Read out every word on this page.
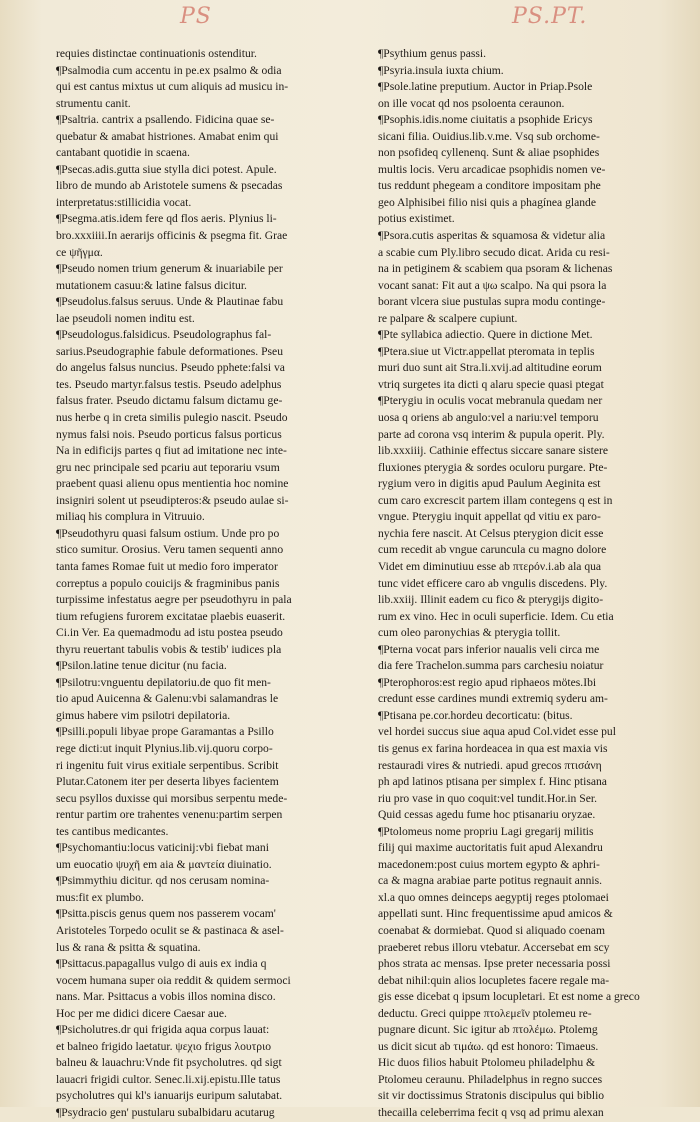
PS	PS.PT.
requies distinctae continuationis ostenditur.
¶Psalmodia cum accentu in pe.ex psalmo & odia
qui est cantus mixtus ut cum aliquis ad musicu in-
strumentu canit.
¶Psaltria. cantrix a psallendo. Fidicina quae se-
quebatur & amabat histriones. Amabat enim qui
cantabant quotidie in scaena.
¶Psecas.adis.gutta siue stylla dici potest. Apule.
libro de mundo ab Aristotele sumens & psecadas
interpretatus:stillicidia vocat.
¶Psegma.atis.idem fere qd flos aeris. Plynius li-
bro.xxxiiii.In aerarijs officinis & psegma fit. Grae
ce ψῆγμα.
¶Pseudo nomen trium generum & inuariabile per
mutationem casuu:& latine falsus dicitur.
¶Pseudolus.falsus seruus. Unde & Plautinae fabu
lae pseudoli nomen inditu est.
¶Pseudologus.falsidicus. Pseudolographus fal-
sarius.Pseudographie fabule deformationes. Pseu
do angelus falsus nuncius. Pseudo pphete:falsi va
tes. Pseudo martyr.falsus testis. Pseudo adelphus
falsus frater. Pseudo dictamu falsum dictamu ge-
nus herbe q in creta similis pulegio nascit. Pseudo
nymus falsi nois. Pseudo porticus falsus porticus
Na in edificijs partes q fiut ad imitatione nec inte-
gru nec principale sed pcariu aut teporariu vsum
praebent quasi alienu opus mentientia hoc nomine
insigniri solent ut pseudipteros:& pseudo aulae si-
miliaq his complura in Vitruuio.
¶Pseudothyru quasi falsum ostium. Unde pro po
stico sumitur. Orosius. Veru tamen sequenti anno
tanta fames Romae fuit ut medio foro imperator
correptus a populo couicijs & fragminibus panis
turpissime infestatus aegre per pseudothyru in pala
tium refugiens furorem excitatae plaebis euaserit.
Ci.in Ver. Ea quemadmodu ad istu postea pseudo
thyru reuertant tabulis vobis & testib' iudices pla
¶Psilon.latine tenue dicitur (nu facia.
¶Psilotru:vnguentu depilatoriu.de quo fit men-
tio apud Auicenna & Galenu:vbi salamandras le
gimus habere vim psilotri depilatoria.
¶Psilli.populi libyae prope Garamantas a Psillo
rege dicti:ut inquit Plynius.lib.vij.quoru corpo-
ri ingenitu fuit virus exitiale serpentibus. Scribit
Plutar.Catonem iter per deserta libyes facientem
secu psyllos duxisse qui morsibus serpentu mede-
rentur partim ore trahentes venenu:partim serpen
tes cantibus medicantes.
¶Psychomantiu:locus vaticinij:vbi fiebat mani
um euocatio ψυχῆ em aia & μαντεία diuinatio.
¶Psimmythiu dicitur. qd nos cerusam nomina-
mus:fit ex plumbo.
¶Psitta.piscis genus quem nos passerem vocam'
Aristoteles Torpedo oculit se & pastinaca & asel-
lus & rana & psitta & squatina.
¶Psittacus.papagallus vulgo di auis ex india q
vocem humana super oia reddit & quidem sermoci
nans. Mar. Psittacus a vobis illos nomina disco.
Hoc per me didici dicere Caesar aue.
¶Psicholutres.dr qui frigida aqua corpus lauat:
et balneo frigido laetatur. ψεχιο frigus λουτριο
balneu & lauachru:Vnde fit psycholutres. qd sigt
lauacri frigidi cultor. Senec.li.xij.epistu.Ille tatus
psycholutres qui kl's ianuarijs euripum salutabat.
¶Psydracio gen' pustularu subalbidaru acutarug
¶Psythium genus passi.
¶Psyria.insula iuxta chium.
¶Psole.latine preputium. Auctor in Priap.Psole
on ille vocat qd nos psoloenta ceraunon.
¶Psophis.idis.nome ciuitatis a psophide Ericys
sicani filia. Ouidius.lib.v.me. Vsq sub orchome-
non psofideq cyllenenq. Sunt & aliae psophides
multis locis. Veru arcadicae psophidis nomen ve-
tus reddunt phegeam a conditore impositam phe
geo Alphisibei filio nisi quis a phagínea glande
potius existimet.
¶Psora.cutis asperitas & squamosa & videtur alia
a scabie cum Ply.libro secudo dicat. Arida cu resi-
na in petiginem & scabiem qua psoram & lichenas
vocant sanat: Fit aut a ψω scalpo. Na qui psora la
borant vlcera siue pustulas supra modu continge-
re palpare & scalpere cupiunt.
¶Pte syllabica adiectio. Quere in dictione Met.
¶Ptera.siue ut Victr.appellat pteromata in teplis
muri duo sunt ait Stra.li.xvij.ad altitudine eorum
vtriq surgetes ita dicti q alaru specie quasi ptegat
¶Pterygiu in oculis vocat mebranula quedam ner
uosa q oriens ab angulo:vel a nariu:vel temporu
parte ad corona vsq interim & pupula operit. Ply.
lib.xxxiiij. Cathinie effectus siccare sanare sistere
fluxiones pterygia & sordes oculoru purgare. Pte-
rygium vero in digitis apud Paulum Aeginita est
cum caro excrescit partem illam contegens q est in
vngue. Pterygiu inquit appellat qd vitiu ex paro-
nychia fere nascit. At Celsus pterygion dicit esse
cum recedit ab vngue caruncula cu magno dolore
Videt em diminutiuu esse ab πτερόν.i.ab ala qua
tunc videt efficere caro ab vngulis discedens. Ply.
lib.xxiij. Illinit eadem cu fico & pterygijs digito-
rum ex vino. Hec in oculi superficie. Idem. Cu etia
cum oleo paronychias & pterygia tollit.
¶Pterna vocat pars inferior naualis veli circa me
dia fere Trachelon.summa pars carchesiu noiatur
¶Pterophoros:est regio apud riphaeos mötes.Ibi
credunt esse cardines mundi extremiq syderu am-
¶Ptisana pe.cor.hordeu decorticatu: (bitus.
vel hordei succus siue aqua apud Col.videt esse pul
tis genus ex farina hordeacea in qua est maxia vis
restauradi vires & nutriedi. apud grecos πτισάνη
ph apd latinos ptisana per simplex f. Hinc ptisana
riu pro vase in quo coquit:vel tundit.Hor.in Ser.
Quid cessas agedu fume hoc ptisanariu oryzae.
¶Ptolomeus nome propriu Lagi gregarij militis
filij qui maxime auctoritatis fuit apud Alexandru
macedonem:post cuius mortem egypto & aphri-
ca & magna arabiae parte potitus regnauit annis.
xl.a quo omnes deinceps aegyptij reges ptolomaei
appellati sunt. Hinc frequentissime apud amicos &
coenabat & dormiebat. Quod si aliquado coenam
praeberet rebus illoru vtebatur. Accersebat em scy
phos strata ac mensas. Ipse preter necessaria possi
debat nihil:quin alios locupletes facere regale ma-
gis esse dicebat q ipsum locupletari. Et est nome a greco
deductu. Greci quippe πτολεμεῖν ptolemeu re-
pugnare dicunt. Sic igitur ab πτολέμω. Ptolemg
us dicit sicut ab τιμάω. qd est honoro: Timaeus.
Hic duos filios habuit Ptolomeu philadelphu &
Ptolomeu ceraunu. Philadelphus in regno succes
sit vir doctissimus Stratonis discipulus qui biblio
thecailla celeberrima fecit q vsq ad primu alexan
